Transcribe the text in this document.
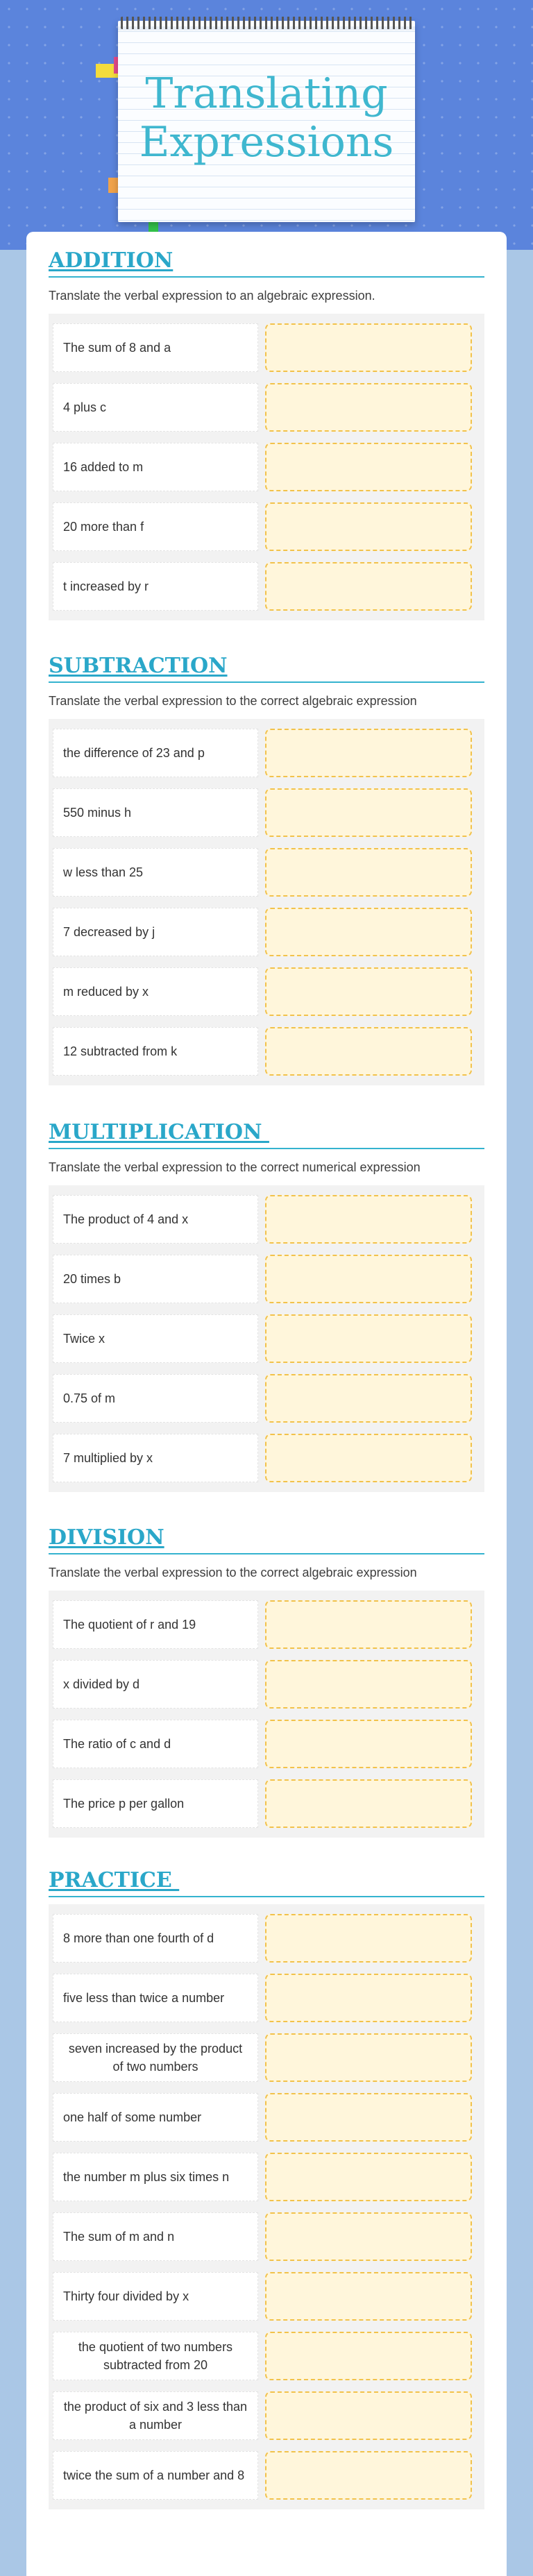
Translating Expressions
ADDITION
Translate the verbal expression to an algebraic expression.
The sum of 8 and a
4 plus c
16 added to m
20 more than f
t increased by r
SUBTRACTION
Translate the verbal expression to the correct algebraic expression
the difference of 23 and p
550 minus h
w less than 25
7 decreased by j
m reduced by x
12 subtracted from k
MULTIPLICATION
Translate the verbal expression to the correct numerical expression
The product of 4 and x
20 times b
Twice x
0.75 of m
7 multiplied by x
DIVISION
Translate the verbal expression to the correct algebraic expression
The quotient of r and 19
x divided by d
The ratio of c and d
The price p per gallon
PRACTICE
8 more than one fourth of d
five less than twice a number
seven increased by the product of two numbers
one half of some number
the number m plus six times n
The sum of m and n
Thirty four divided by x
the quotient of two numbers subtracted from 20
the product of six and 3 less than a number
twice the sum of a number and 8
